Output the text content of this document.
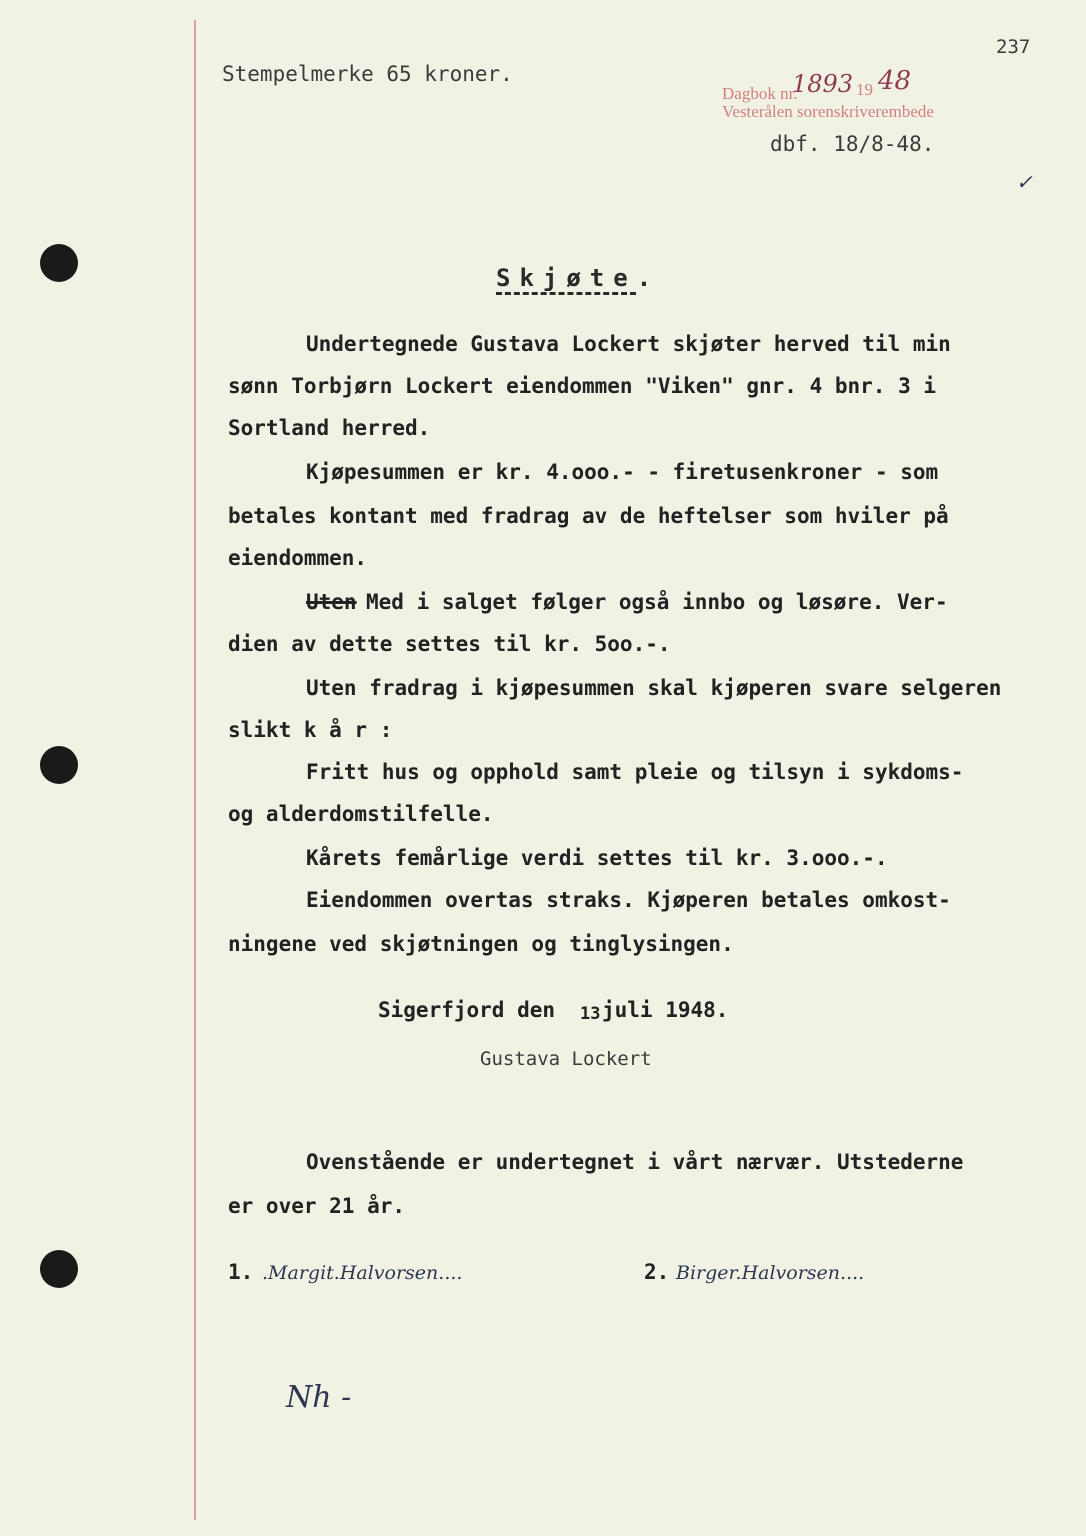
237
Stempelmerke 65 kroner.
Dagbok nr.
1893 19 48
Vesterålen sorenskriverembede
dbf. 18/8-48.
✓
Skjøte.
Undertegnede Gustava Lockert skjøter herved til min
sønn Torbjørn Lockert eiendommen "Viken" gnr. 4 bnr. 3 i
Sortland herred.
Kjøpesummen er kr. 4.ooo.- - firetusenkroner - som
betales kontant med fradrag av de heftelser som hviler på
eiendommen.
Uten Med i salget følger også innbo og løsøre. Ver-
dien av dette settes til kr. 5oo.-.
Uten fradrag i kjøpesummen skal kjøperen svare selgeren
slikt k å r :
Fritt hus og opphold samt pleie og tilsyn i sykdoms-
og alderdomstilfelle.
Kårets femårlige verdi settes til kr. 3.ooo.-.
Eiendommen overtas straks. Kjøperen betales omkost-
ningene ved skjøtningen og tinglysingen.
Sigerfjord den 13 juli 1948.
Gustava Lockert
Ovenstående er undertegnet i vårt nærvær. Utstederne
er over 21 år.
1. .Margit.Halvorsen....	2. Birger.Halvorsen....
Nh -
